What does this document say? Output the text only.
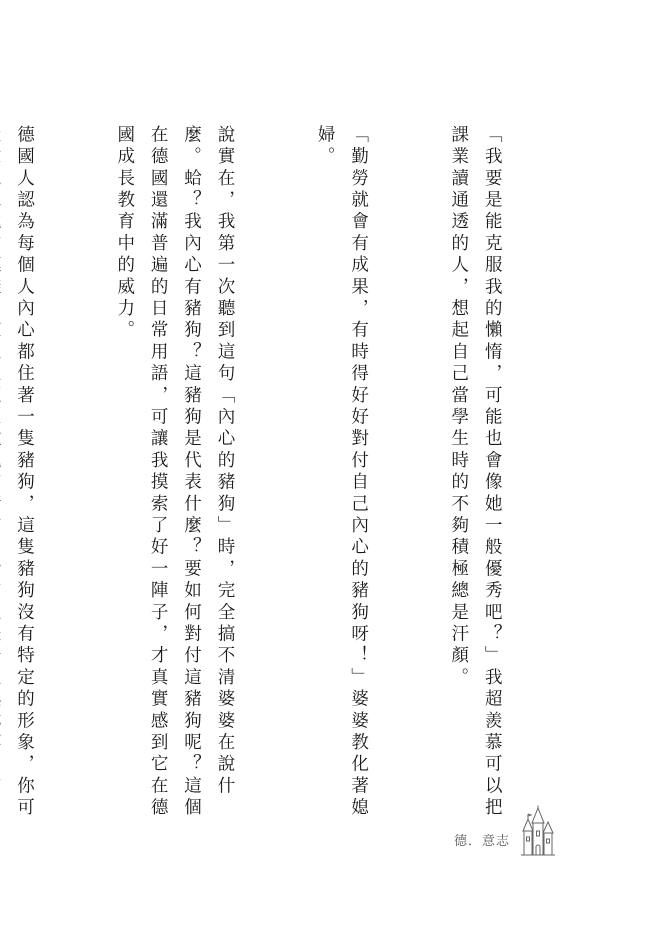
「我要是能克服我的懶惰，可能也會像她一般優秀吧？」我超羨慕可以把課業讀通透的人，想起自己當學生時的不夠積極總是汗顏。

「勤勞就會有成果，有時得好好對付自己內心的豬狗呀！」婆婆教化著媳婦。

說實在，我第一次聽到這句「內心的豬狗」時，完全搞不清婆婆在說什麼。蛤？我內心有豬狗？這豬狗是代表什麼？要如何對付這豬狗呢？這個在德國還滿普遍的日常用語，可讓我摸索了好一陣子，才真實感到它在德國成長教育中的威力。

德國人認為每個人內心都住著一隻豬狗，這隻豬狗沒有特定的形象，你可

德．意志
